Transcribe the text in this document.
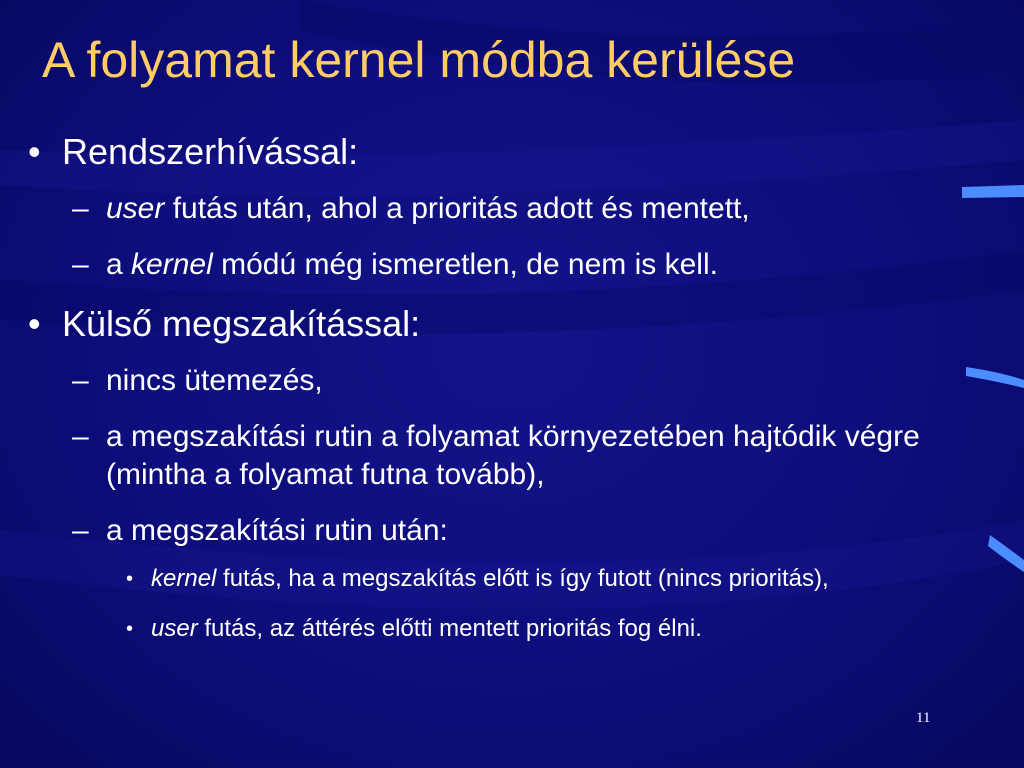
A folyamat kernel módba kerülése
• Rendszerhívással:
– user futás után, ahol a prioritás adott és mentett,
– a kernel módú még ismeretlen, de nem is kell.
• Külső megszakítással:
– nincs ütemezés,
– a megszakítási rutin a folyamat környezetében hajtódik végre (mintha a folyamat futna tovább),
– a megszakítási rutin után:
• kernel futás, ha a megszakítás előtt is így futott (nincs prioritás),
• user futás, az áttérés előtti mentett prioritás fog élni.
11
